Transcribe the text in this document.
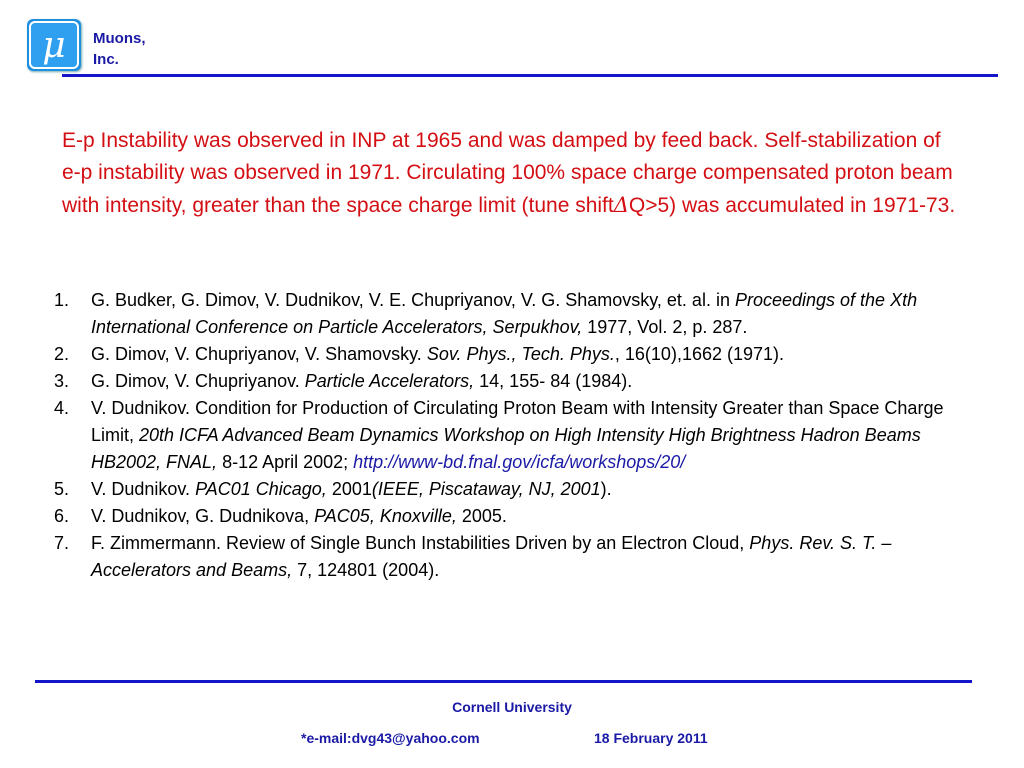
μ Muons,
Inc.

E-p Instability was observed in INP at 1965 and was damped by feed back. Self-stabilization of e-p instability was observed in 1971. Circulating 100% space charge compensated proton beam with intensity, greater than the space charge limit (tune shiftΔQ>5) was accumulated in 1971-73.

1. G. Budker, G. Dimov, V. Dudnikov, V. E. Chupriyanov, V. G. Shamovsky, et. al. in Proceedings of the Xth International Conference on Particle Accelerators, Serpukhov, 1977, Vol. 2, p. 287.
2. G. Dimov, V. Chupriyanov, V. Shamovsky. Sov. Phys., Tech. Phys., 16(10),1662 (1971).
3. G. Dimov, V. Chupriyanov. Particle Accelerators, 14, 155- 84 (1984).
4. V. Dudnikov. Condition for Production of Circulating Proton Beam with Intensity Greater than Space Charge Limit, 20th ICFA Advanced Beam Dynamics Workshop on High Intensity High Brightness Hadron Beams HB2002, FNAL, 8-12 April 2002; http://www-bd.fnal.gov/icfa/workshops/20/
5. V. Dudnikov. PAC01 Chicago, 2001(IEEE, Piscataway, NJ, 2001).
6. V. Dudnikov, G. Dudnikova, PAC05, Knoxville, 2005.
7. F. Zimmermann. Review of Single Bunch Instabilities Driven by an Electron Cloud, Phys. Rev. S. T. – Accelerators and Beams, 7, 124801 (2004).
Cornell University
*e-mail:dvg43@yahoo.com	18 February 2011
